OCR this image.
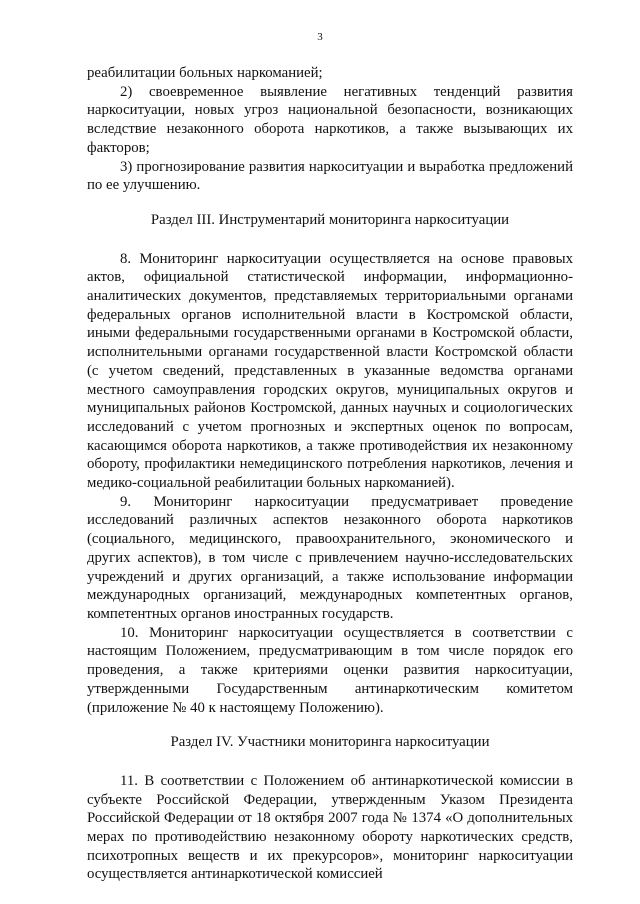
3

реабилитации больных наркоманией;

2) своевременное выявление негативных тенденций развития наркоситуации, новых угроз национальной безопасности, возникающих вследствие незаконного оборота наркотиков, а также вызывающих их факторов;

3) прогнозирование развития наркоситуации и выработка предложений по ее улучшению.

Раздел III. Инструментарий мониторинга наркоситуации

8. Мониторинг наркоситуации осуществляется на основе правовых актов, официальной статистической информации, информационно-аналитических документов, представляемых территориальными органами федеральных органов исполнительной власти в Костромской области, иными федеральными государственными органами в Костромской области, исполнительными органами государственной власти Костромской области (с учетом сведений, представленных в указанные ведомства органами местного самоуправления городских округов, муниципальных округов и муниципальных районов Костромской, данных научных и социологических исследований с учетом прогнозных и экспертных оценок по вопросам, касающимся оборота наркотиков, а также противодействия их незаконному обороту, профилактики немедицинского потребления наркотиков, лечения и медико-социальной реабилитации больных наркоманией).

9. Мониторинг наркоситуации предусматривает проведение исследований различных аспектов незаконного оборота наркотиков (социального, медицинского, правоохранительного, экономического и других аспектов), в том числе с привлечением научно-исследовательских учреждений и других организаций, а также использование информации международных организаций, международных компетентных органов, компетентных органов иностранных государств.

10. Мониторинг наркоситуации осуществляется в соответствии с настоящим Положением, предусматривающим в том числе порядок его проведения, а также критериями оценки развития наркоситуации, утвержденными Государственным антинаркотическим комитетом (приложение № 40 к настоящему Положению).

Раздел IV. Участники мониторинга наркоситуации

11. В соответствии с Положением об антинаркотической комиссии в субъекте Российской Федерации, утвержденным Указом Президента Российской Федерации от 18 октября 2007 года № 1374 «О дополнительных мерах по противодействию незаконному обороту наркотических средств, психотропных веществ и их прекурсоров», мониторинг наркоситуации осуществляется антинаркотической комиссией
